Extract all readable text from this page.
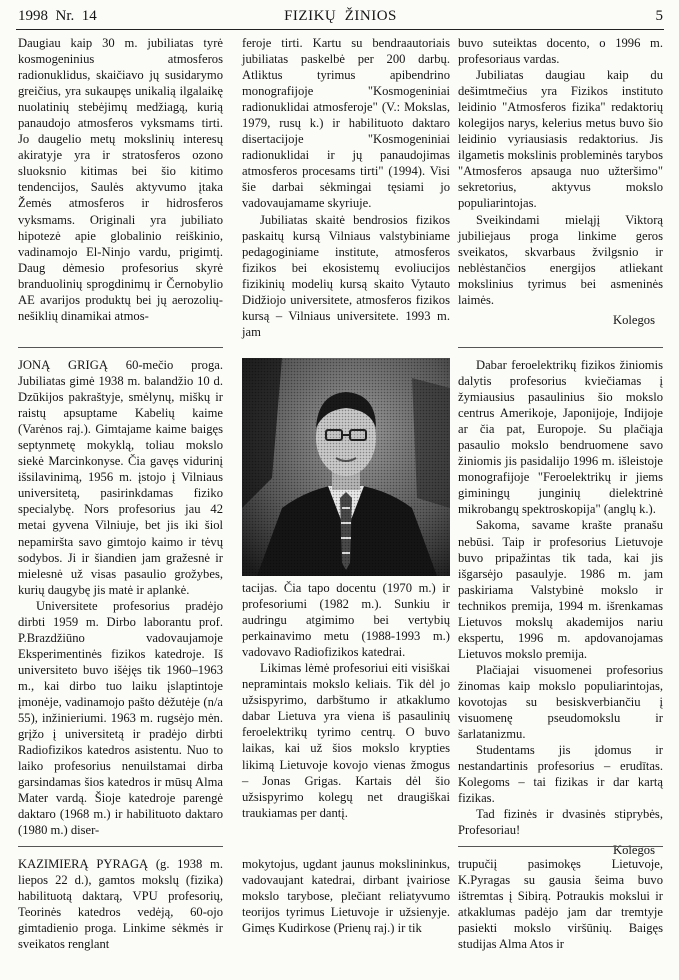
1998  Nr.  14	FIZIKŲ  ŽINIOS	5

Daugiau kaip 30 m. jubiliatas tyrė kosmogeninius atmosferos radionuklidus, skaičiavo jų susidarymo greičius, yra sukaupęs unikalią ilgalaikę nuolatinių stebėjimų medžiagą, kurią panaudojo atmosferos vyksmams tirti. Jo daugelio metų mokslinių interesų akiratyje yra ir stratosferos ozono sluoksnio kitimas bei šio kitimo tendencijos, Saulės aktyvumo įtaka Žemės atmosferos ir hidrosferos vyksmams. Originali yra jubiliato hipotezė apie globalinio reiškinio, vadinamojo El-Ninjo vardu, prigimtį. Daug dėmesio profesorius skyrė branduolinių sprogdinimų ir Černobylio AE avarijos produktų bei jų aerozolių-nešiklių dinamikai atmos-

feroje tirti. Kartu su bendraautoriais jubiliatas paskelbė per 200 darbų. Atliktus tyrimus apibendrino monografijoje "Kosmogeniniai radionuklidai atmosferoje" (V.: Mokslas, 1979, rusų k.) ir habilituoto daktaro disertacijoje "Kosmogeniniai radionuklidai ir jų panaudojimas atmosferos procesams tirti" (1994). Visi šie darbai sėkmingai tęsiami jo vadovaujamame skyriuje.

Jubiliatas skaitė bendrosios fizikos paskaitų kursą Vilniaus valstybiniame pedagoginiame institute, atmosferos fizikos bei ekosistemų evoliucijos fizikinių modelių kursą skaito Vytauto Didžiojo universitete, atmosferos fizikos kursą – Vilniaus universitete. 1993 m. jam

buvo suteiktas docento, o 1996 m. profesoriaus vardas.

Jubiliatas daugiau kaip du dešimtmečius yra Fizikos instituto leidinio "Atmosferos fizika" redaktorių kolegijos narys, kelerius metus buvo šio leidinio vyriausiasis redaktorius. Jis ilgametis mokslinis probleminės tarybos "Atmosferos apsauga nuo užteršimo" sekretorius, aktyvus mokslo populiarintojas.

Sveikindami mieląjį Viktorą jubiliejaus proga linkime geros sveikatos, skvarbaus žvilgsnio ir neblėstančios energijos atliekant mokslinius tyrimus bei asmeninės laimės.

Kolegos

JONĄ GRIGĄ 60-mečio proga. Jubiliatas gimė 1938 m. balandžio 10 d. Dzūkijos pakraštyje, smėlynų, miškų ir raistų apsuptame Kabelių kaime (Varėnos raj.). Gimtajame kaime baigęs septynmetę mokyklą, toliau mokslo siekė Marcinkonyse. Čia gavęs vidurinį išsilavinimą, 1956 m. įstojo į Vilniaus universitetą, pasirinkdamas fiziko specialybę. Nors profesorius jau 42 metai gyvena Vilniuje, bet jis iki šiol nepamiršta savo gimtojo kaimo ir tėvų sodybos. Ji ir šiandien jam gražesnė ir mielesnė už visas pasaulio grožybes, kurių daugybę jis matė ir aplankė.

Universitete profesorius pradėjo dirbti 1959 m. Dirbo laborantu prof. P.Brazdžiūno vadovaujamoje Eksperimentinės fizikos katedroje. Iš universiteto buvo išėjęs tik 1960–1963 m., kai dirbo tuo laiku įslaptintoje įmonėje, vadinamojo pašto dėžutėje (n/a 55), inžinieriumi. 1963 m. rugsėjo mėn. grįžo į universitetą ir pradėjo dirbti Radiofizikos katedros asistentu. Nuo to laiko profesorius nenuilstamai dirba garsindamas šios katedros ir mūsų Alma Mater vardą. Šioje katedroje parengė daktaro (1968 m.) ir habilituoto daktaro (1980 m.) diser-

tacijas. Čia tapo docentu (1970 m.) ir profesoriumi (1982 m.). Sunkiu ir audringu atgimimo bei vertybių perkainavimo metu (1988-1993 m.) vadovavo Radiofizikos katedrai.

Likimas lėmė profesoriui eiti visiškai nepramintais mokslo keliais. Tik dėl jo užsispyrimo, darbštumo ir atkaklumo dabar Lietuva yra viena iš pasaulinių feroelektrikų tyrimo centrų. O buvo laikas, kai už šios mokslo krypties likimą Lietuvoje kovojo vienas žmogus – Jonas Grigas. Kartais dėl šio užsispyrimo kolegų net draugiškai traukiamas per dantį.

Dabar feroelektrikų fizikos žiniomis dalytis profesorius kviečiamas į žymiausius pasaulinius šio mokslo centrus Amerikoje, Japonijoje, Indijoje ar čia pat, Europoje. Su plačiąja pasaulio mokslo bendruomene savo žiniomis jis pasidalijo 1996 m. išleistoje monografijoje "Feroelektrikų ir jiems giminingų junginių dielektrinė mikrobangų spektroskopija" (anglų k.).

Sakoma, savame krašte pranašu nebūsi. Taip ir profesorius Lietuvoje buvo pripažintas tik tada, kai jis išgarsėjo pasaulyje. 1986 m. jam paskiriama Valstybinė mokslo ir technikos premija, 1994 m. išrenkamas Lietuvos mokslų akademijos nariu ekspertu, 1996 m. apdovanojamas Lietuvos mokslo premija.

Plačiajai visuomenei profesorius žinomas kaip mokslo populiarintojas, kovotojas su besiskverbiančiu į visuomenę pseudomokslu ir šarlatanizmu.

Studentams jis įdomus ir nestandartinis profesorius – erudītas. Kolegoms – tai fizikas ir dar kartą fizikas.

Tad fizinės ir dvasinės stiprybės, Profesoriau!

Kolegos

KAZIMIERĄ PYRAGĄ (g. 1938 m. liepos 22 d.), gamtos mokslų (fizika) habilituotą daktarą, VPU profesorių, Teorinės katedros vedėją, 60-ojo gimtadienio proga. Linkime sėkmės ir sveikatos renglant

mokytojus, ugdant jaunus mokslininkus, vadovaujant katedrai, dirbant įvairiose mokslo tarybose, plečiant reliatyvumo teorijos tyrimus Lietuvoje ir užsienyje. Gimęs Kudirkose (Prienų raj.) ir tik

trupučiį pasimokęs Lietuvoje, K.Pyragas su gausia šeima buvo ištremtas į Sibirą. Potraukis mokslui ir atkaklumas padėjo jam dar tremtyje pasiekti mokslo viršūnių. Baigęs studijas Alma Atos ir
